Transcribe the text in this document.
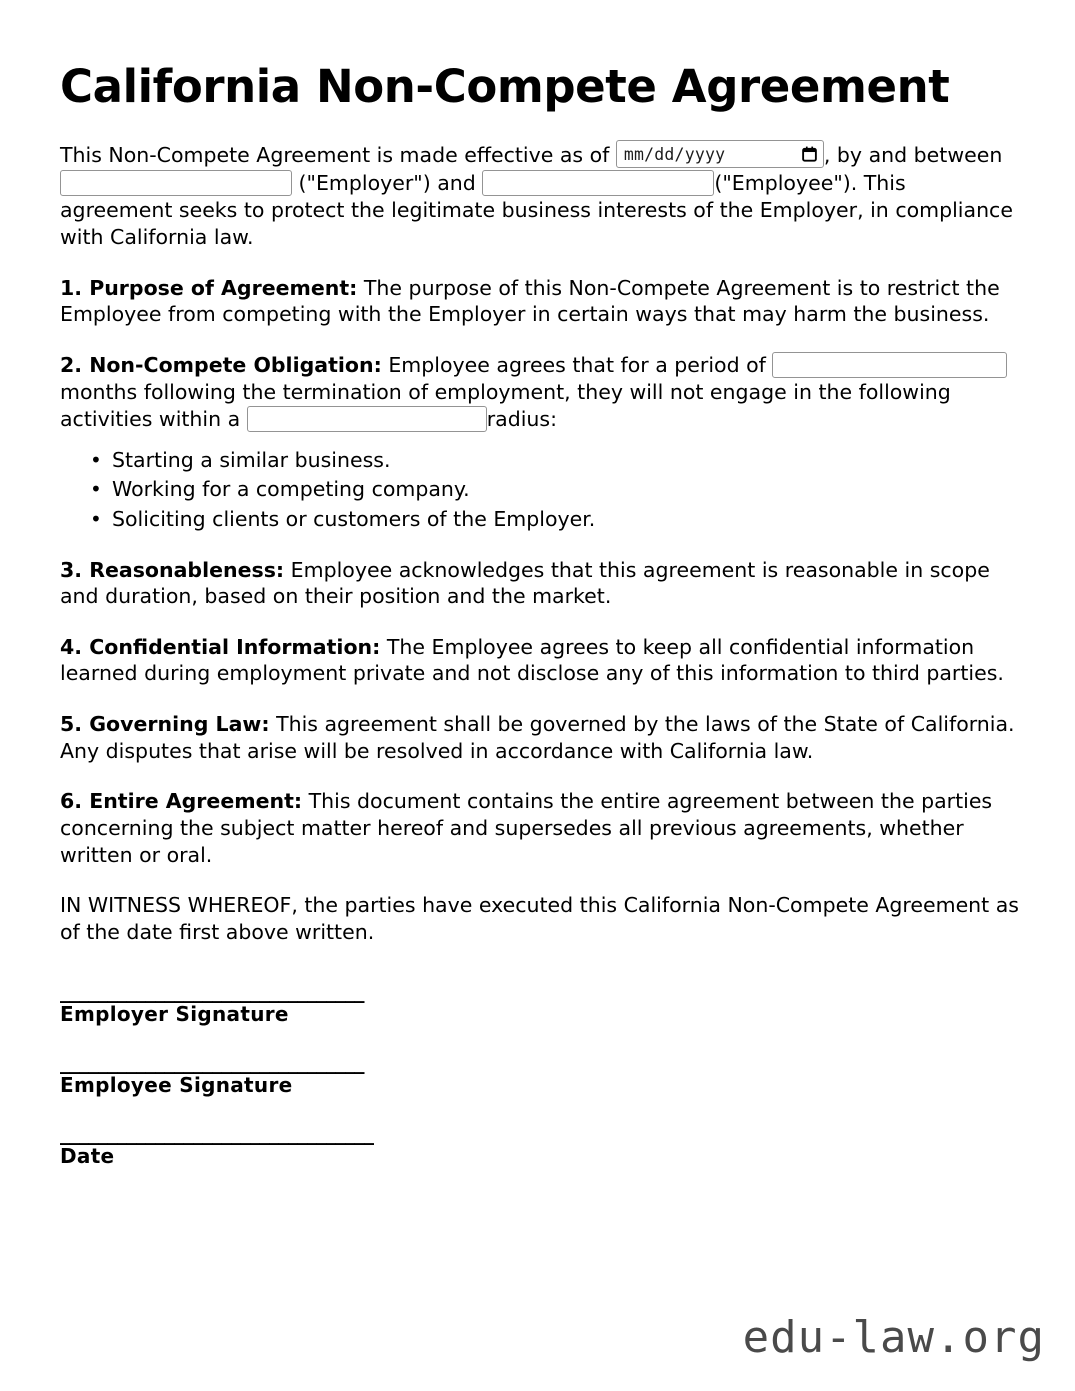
California Non-Compete Agreement

This Non-Compete Agreement is made effective as of mm/dd/yyyy	, by and between  ("Employer") and	("Employee"). This agreement seeks to protect the legitimate business interests of the Employer, in compliance with California law.

1. Purpose of Agreement: The purpose of this Non-Compete Agreement is to restrict the Employee from competing with the Employer in certain ways that may harm the business.

2. Non-Compete Obligation: Employee agrees that for a period of  months following the termination of employment, they will not engage in the following activities within a	radius:

• Starting a similar business.
• Working for a competing company.
• Soliciting clients or customers of the Employer.

3. Reasonableness: Employee acknowledges that this agreement is reasonable in scope and duration, based on their position and the market.

4. Confidential Information: The Employee agrees to keep all confidential information learned during employment private and not disclose any of this information to third parties.

5. Governing Law: This agreement shall be governed by the laws of the State of California. Any disputes that arise will be resolved in accordance with California law.

6. Entire Agreement: This document contains the entire agreement between the parties concerning the subject matter hereof and supersedes all previous agreements, whether written or oral.

IN WITNESS WHEREOF, the parties have executed this California Non-Compete Agreement as of the date first above written.

________________________________
Employer Signature
________________________________
Employee Signature
_________________________________
Date
edu-law.org
